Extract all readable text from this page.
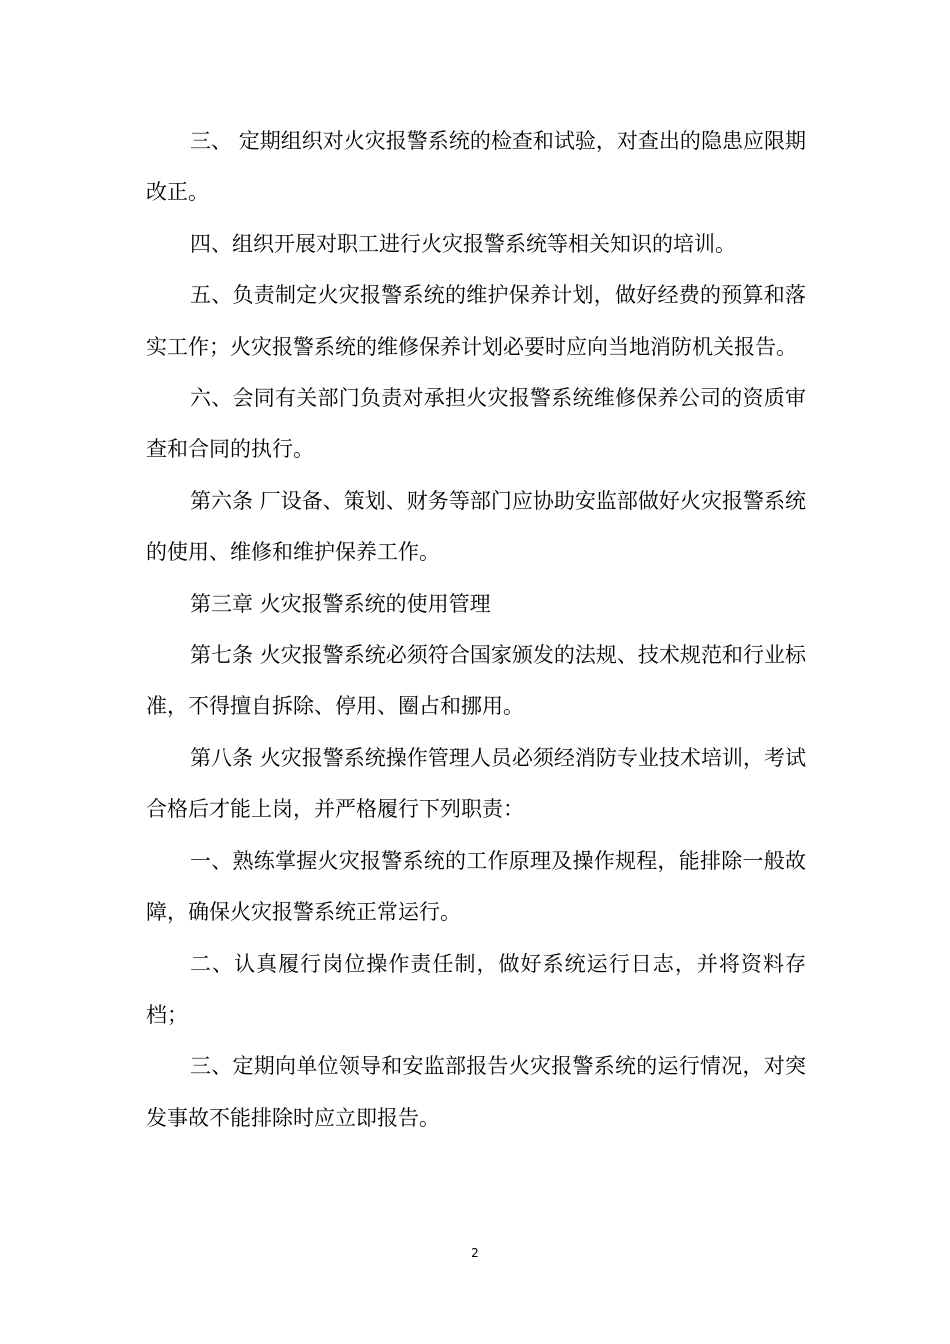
三、 定期组织对火灾报警系统的检查和试验，对查出的隐患应限期改正。

四、组织开展对职工进行火灾报警系统等相关知识的培训。

五、负责制定火灾报警系统的维护保养计划，做好经费的预算和落实工作；火灾报警系统的维修保养计划必要时应向当地消防机关报告。

六、会同有关部门负责对承担火灾报警系统维修保养公司的资质审查和合同的执行。

第六条 厂设备、策划、财务等部门应协助安监部做好火灾报警系统的使用、维修和维护保养工作。

第三章 火灾报警系统的使用管理

第七条 火灾报警系统必须符合国家颁发的法规、技术规范和行业标准，不得擅自拆除、停用、圈占和挪用。

第八条 火灾报警系统操作管理人员必须经消防专业技术培训，考试合格后才能上岗，并严格履行下列职责：

一、熟练掌握火灾报警系统的工作原理及操作规程，能排除一般故障，确保火灾报警系统正常运行。

二、认真履行岗位操作责任制，做好系统运行日志，并将资料存档；

三、定期向单位领导和安监部报告火灾报警系统的运行情况，对突发事故不能排除时应立即报告。

2
